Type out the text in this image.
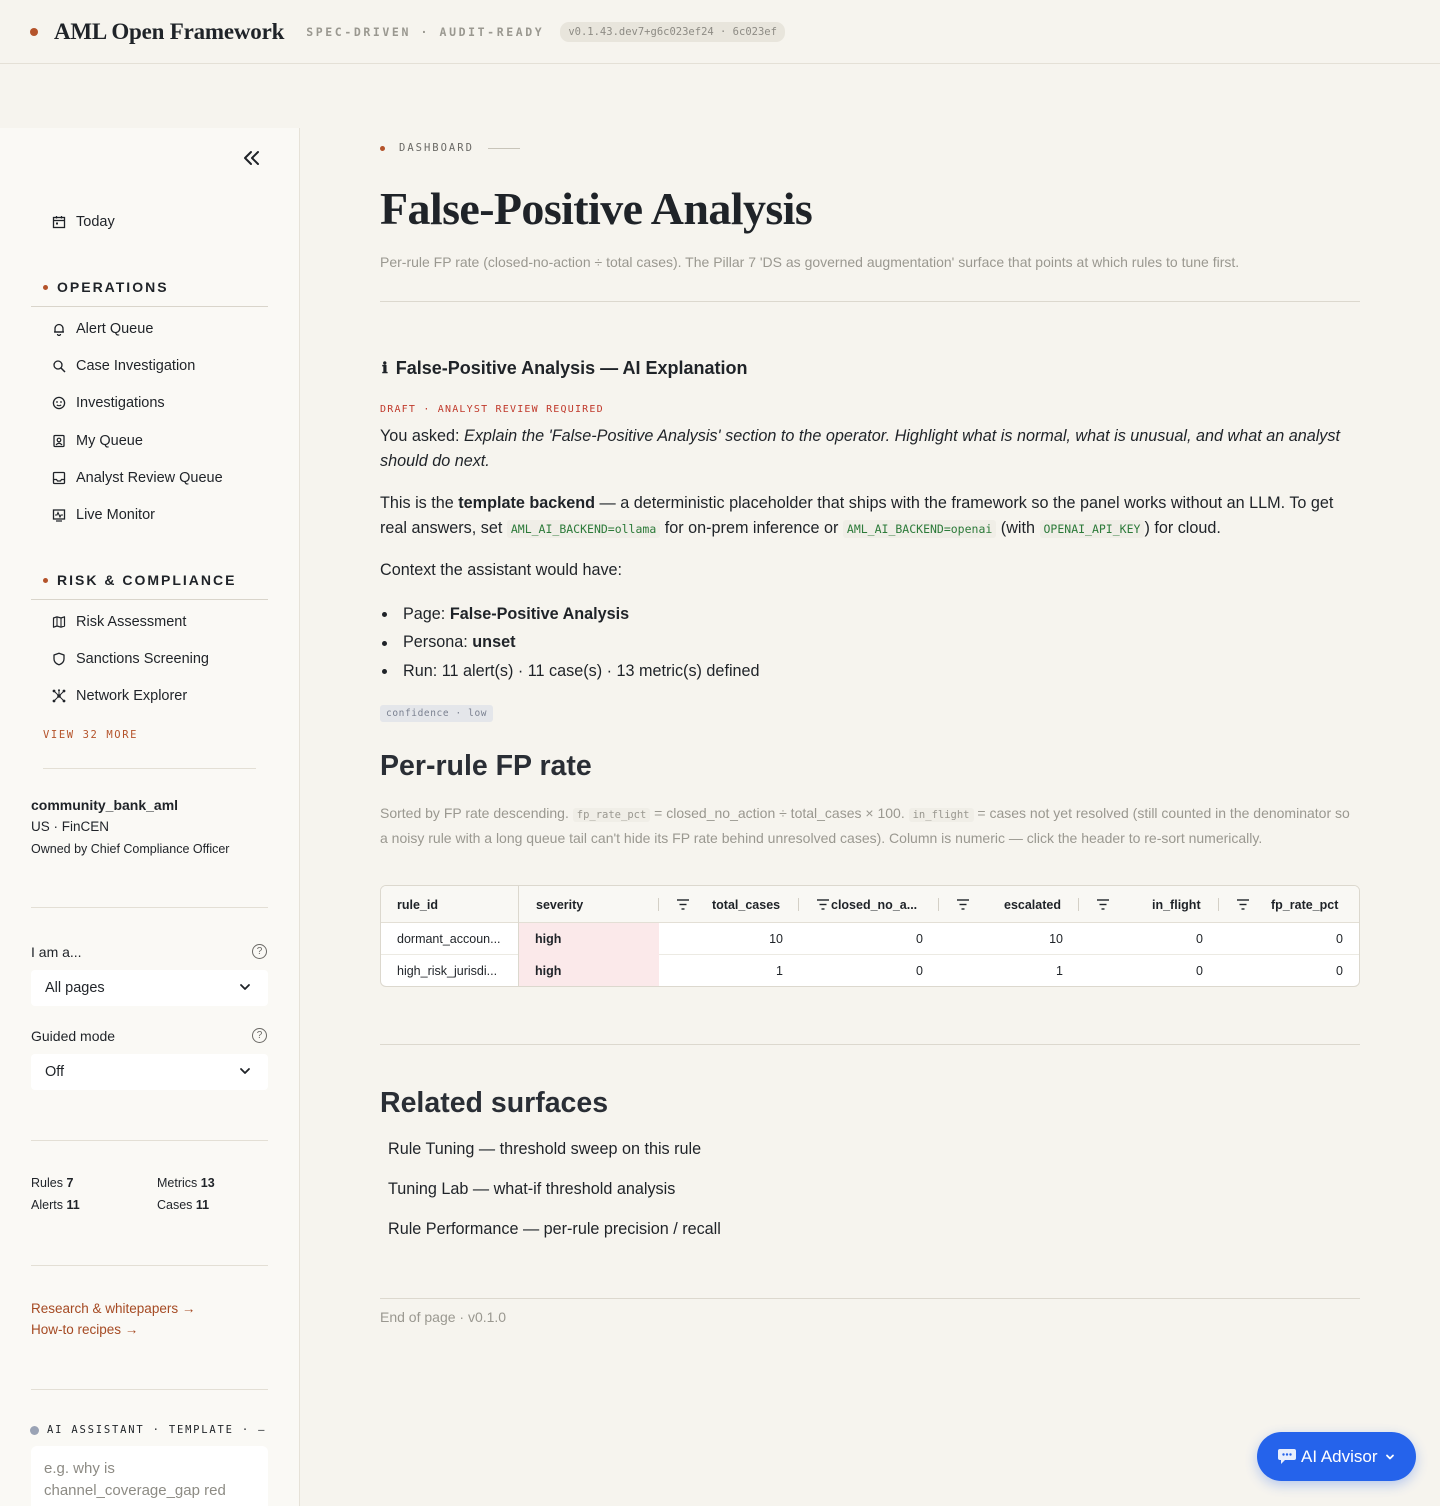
AML Open Framework SPEC-DRIVEN · AUDIT-READY	v0.1.43.dev7+g6c023ef24 · 6c023ef
Today
OPERATIONS
Alert Queue
Case Investigation
Investigations
My Queue
Analyst Review Queue
Live Monitor
RISK & COMPLIANCE
Risk Assessment
Sanctions Screening
Network Explorer
VIEW 32 MORE
community_bank_aml
US · FinCEN
Owned by Chief Compliance Officer
I am a...	?
All pages
Guided mode	?
Off
Rules 7	Metrics 13
Alerts 11	Cases 11
Research & whitepapers →
How-to recipes →
AI ASSISTANT · TEMPLATE · —
e.g. why is channel_coverage_gap red
DASHBOARD
False-Positive Analysis
Per-rule FP rate (closed-no-action ÷ total cases). The Pillar 7 'DS as governed augmentation' surface that points at which rules to tune first.
ℹ False-Positive Analysis — AI Explanation
DRAFT · ANALYST REVIEW REQUIRED
You asked: Explain the 'False-Positive Analysis' section to the operator. Highlight what is normal, what is unusual, and what an analyst should do next.
This is the template backend — a deterministic placeholder that ships with the framework so the panel works without an LLM. To get real answers, set AML_AI_BACKEND=ollama for on-prem inference or AML_AI_BACKEND=openai (with OPENAI_API_KEY ) for cloud.
Context the assistant would have:
Page:
False-Positive Analysis
Persona:
unset
Run: 11 alert(s) · 11 case(s) · 13 metric(s) defined
confidence · low
Per-rule FP rate
Sorted by FP rate descending. fp_rate_pct = closed_no_action ÷ total_cases × 100. in_flight = cases not yet resolved (still counted in the denominator so a noisy rule with a long queue tail can't hide its FP rate behind unresolved cases). Column is numeric — click the header to re-sort numerically.
rule_id	severity	total_cases	closed_no_a...	escalated	in_flight	fp_rate_pct
dormant_accoun...	high	10	0	10	0	0
high_risk_jurisdi...	high	1	0	1	0	0
Related surfaces
Rule Tuning — threshold sweep on this rule
Tuning Lab — what-if threshold analysis
Rule Performance — per-rule precision / recall
End of page · v0.1.0
AI Advisor
